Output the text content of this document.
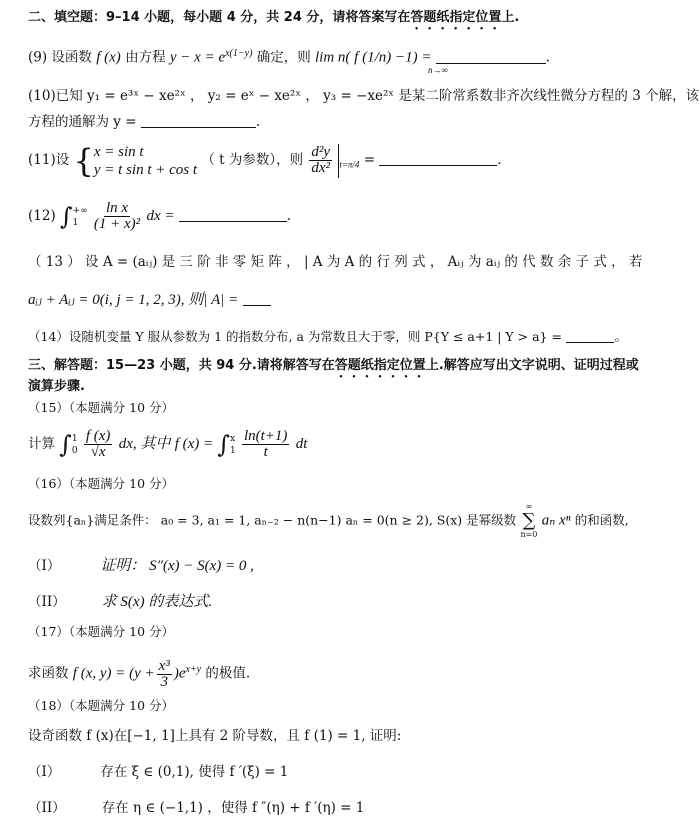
二、填空题：9–14 小题，每小题 4 分，共 24 分，请将答案写在答题纸指定位置上.
(9) 设函数 f (x) 由方程 $y - x = e^{x(1-y)}$ 确定，则 lim n( f (1/n) −1) =	.
n→∞
(10)已知 y₁ = e³ˣ − xe²ˣ ， y₂ = eˣ − xe²ˣ ， y₃ = −xe²ˣ 是某二阶常系数非齐次线性微分方程的 3 个解，该
方程的通解为 y =	.
(11)设 { x = sin t
y = t sin t + cos t
（ t 为参数），则 $\frac{\text{d²y}}{\text{dx²}} _{t=\pi/4}$ =	.
(12) ∫ +∞
1
	$\frac{\text{ln x}}{\text{(1 + x)²}}$ dx =	.
（ 13 ） 设 A = (aᵢⱼ) 是 三 阶 非 零 矩 阵 ， | A 为 A 的 行 列 式 ， Aᵢⱼ 为 aᵢⱼ 的 代 数 余 子 式 ， 若
aᵢⱼ + Aᵢⱼ = 0(i, j = 1, 2, 3), 则| A| =
（14）设随机变量 Y 服从参数为 1 的指数分布, a 为常数且大于零，则 P{Y ≤ a+1 | Y > a} =	。
三、解答题：15—23 小题，共 94 分.请将解答写在答题纸指定位置上.解答应写出文字说明、证明过程或
演算步骤.
（15）（本题满分 10 分）
计算 ∫ 1
0
$\frac{f (x)}{√x}$ dx, 其中 f (x) = ∫ x
1
$\frac{\ln(t+1)}{t}$ dt
（16）（本题满分 10 分）
设数列{aₙ}满足条件： a₀ = 3, a₁ = 1, aₙ₋₂ − n(n−1) aₙ = 0(n ≥ 2), S(x) 是幂级数
∞
∑
n=0
aₙ xⁿ 的和函数,
（I）	证明： S″(x) − S(x) = 0 ,
（II） 求 S(x) 的表达式.
（17）（本题满分 10 分）
求函数 f (x, $y) = (y + \frac{\text{x³}}{3} )e^{x+y}$ 的极值.
（18）（本题满分 10 分）
设奇函数 f (x)在[−1, 1]上具有 2 阶导数，且 f (1) = 1, 证明:
（I）	存在 ξ ∈ (0,1), 使得 f ′(ξ) = 1
（II）	存在 η ∈ (−1,1) ，使得 f ″(η) + f ′(η) = 1
